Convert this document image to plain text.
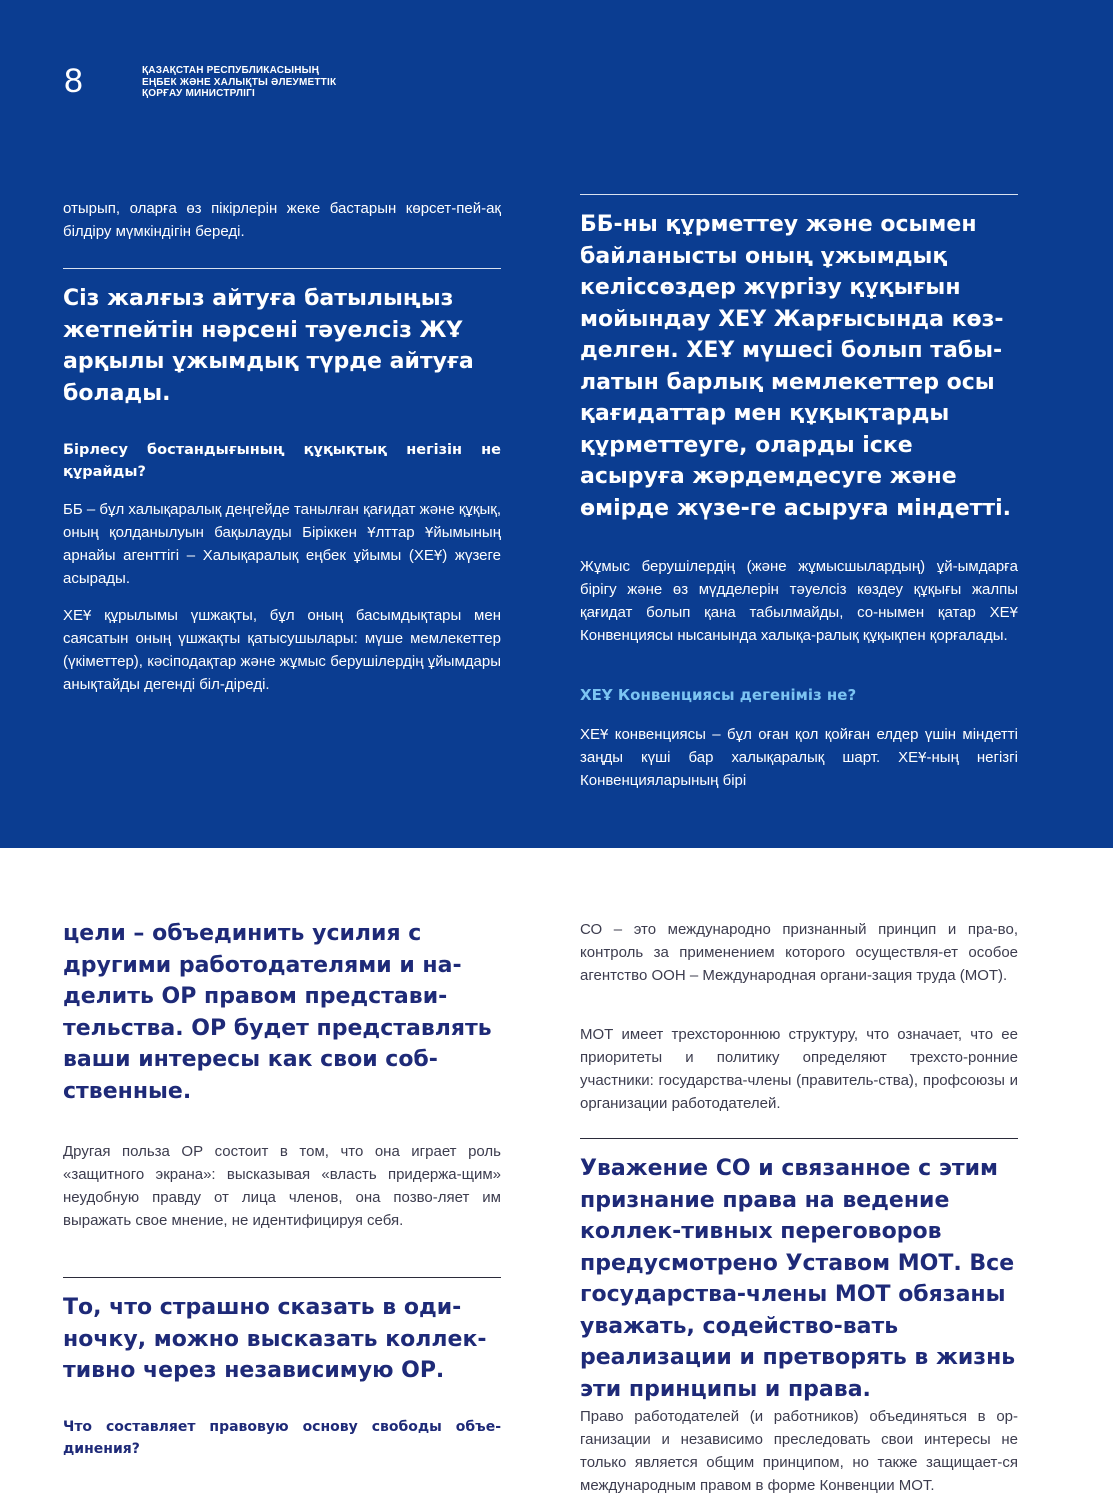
8	ҚАЗАҚСТАН РЕСПУБЛИКАСЫНЫҢ
ЕҢБЕК ЖӘНЕ ХАЛЫҚТЫ ӘЛЕУМЕТТІК
ҚОРҒАУ МИНИСТРЛІГІ
отырып, оларға өз пікірлерін жеке бастарын көрсет-пей-ақ білдіру мүмкіндігін береді.
Сіз жалғыз айтуға батылыңыз жетпейтін нәрсені тәуелсіз ЖҰ арқылы ұжымдық түрде айтуға болады.
Бірлесу бостандығының құқықтық негізін не құрайды?
ББ – бұл халықаралық деңгейде танылған қағидат және құқық, оның қолданылуын бақылауды Біріккен Ұлттар Ұйымының арнайы агенттігі – Халықаралық еңбек ұйымы (ХЕҰ) жүзеге асырады.
ХЕҰ құрылымы үшжақты, бұл оның басымдықтары мен саясатын оның үшжақты қатысушылары: мүше мемлекеттер (үкіметтер), кәсіподақтар және жұмыс берушілердің ұйымдары анықтайды дегенді біл-діреді.
ББ-ны құрметтеу және осымен байланысты оның ұжымдық келіссөздер жүргізу құқығын мойындау ХЕҰ Жарғысында көз-делген. ХЕҰ мүшесі болып табы-латын барлық мемлекеттер осы қағидаттар мен құқықтарды құрметтеуге, оларды іске асыруға жәрдемдесуге және өмірде жүзе-ге асыруға міндетті.
Жұмыс берушілердің (және жұмысшылардың) ұй-ымдарға бірігу және өз мүдделерін тәуелсіз көздеу құқығы жалпы қағидат болып қана табылмайды, со-нымен қатар ХЕҰ Конвенциясы нысанында халықа-ралық құқықпен қорғалады.
ХЕҰ Конвенциясы дегеніміз не?
ХЕҰ конвенциясы – бұл оған қол қойған елдер үшін міндетті заңды күші бар халықаралық шарт. ХЕҰ-ның негізгі Конвенцияларының бірі
цели – объединить усилия с другими работодателями и на-делить ОР правом представи-тельства. ОР будет представлять ваши интересы как свои соб-ственные.
Другая польза ОР состоит в том, что она играет роль «защитного экрана»: высказывая «власть придержа-щим» неудобную правду от лица членов, она позво-ляет им выражать свое мнение, не идентифицируя себя.
То, что страшно сказать в оди-ночку, можно высказать коллек-тивно через независимую ОР.
Что составляет правовую основу свободы объе-динения?
СО – это международно признанный принцип и пра-во, контроль за применением которого осуществля-ет особое агентство ООН – Международная органи-зация труда (МОТ).
МОТ имеет трехстороннюю структуру, что означает, что ее приоритеты и политику определяют трехсто-ронние участники: государства-члены (правитель-ства), профсоюзы и организации работодателей.
Уважение СО и связанное с этим признание права на ведение коллек-тивных переговоров предусмотрено Уставом МОТ. Все государства-члены МОТ обязаны уважать, содейство-вать реализации и претворять в жизнь эти принципы и права.
Право работодателей (и работников) объединяться в ор-ганизации и независимо преследовать свои интересы не только является общим принципом, но также защищает-ся международным правом в форме Конвенции МОТ.
